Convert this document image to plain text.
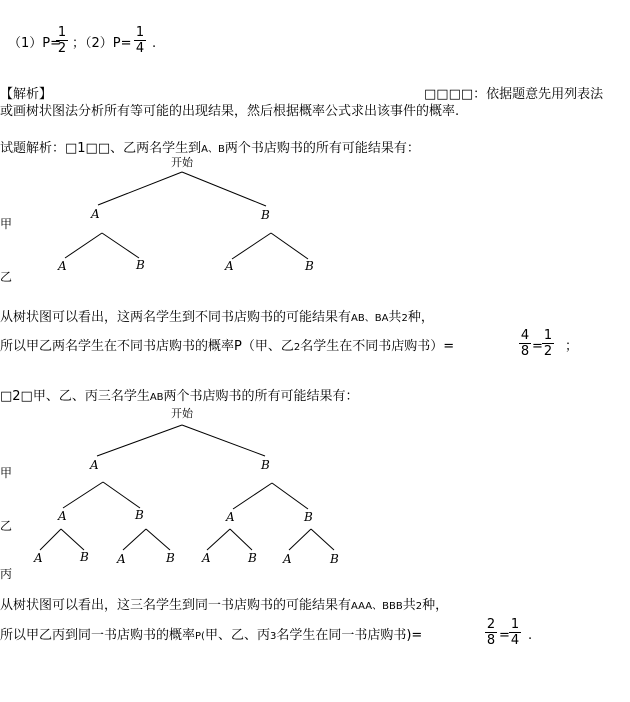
（1）P=
$\frac{1}{2}$ ；$(2)P= \frac{1}{4}$ .
【解析】	□□□□：依据题意先用列表法
或画树状图法分析所有等可能的出现结果，然后根据概率公式求出该事件的概率.
试题解析：□1□□、乙两名学生到A、B两个书店购书的所有可能结果有：
开始
A	B
A	B	A	B
甲
乙
从树状图可以看出，这两名学生到不同书店购书的可能结果有AB、BA共2种，
所以甲乙两名学生在不同书店购书的概率P（甲、乙2名学生在不同书店购书）=	$\frac{4}{8} = \frac{1}{2}$ ；
□2□甲、乙、丙三名学生AB两个书店购书的所有可能结果有：
开始
A	B
A	B	A	B
A	B A	B A	B A	B
甲
乙
丙
从树状图可以看出，这三名学生到同一书店购书的可能结果有AAA、BBB共2种，
所以甲乙丙到同一书店购书的概率P(甲、乙、丙3名学生在同一书店购书)=	$\frac{2}{8} = \frac{1}{4}$ .
